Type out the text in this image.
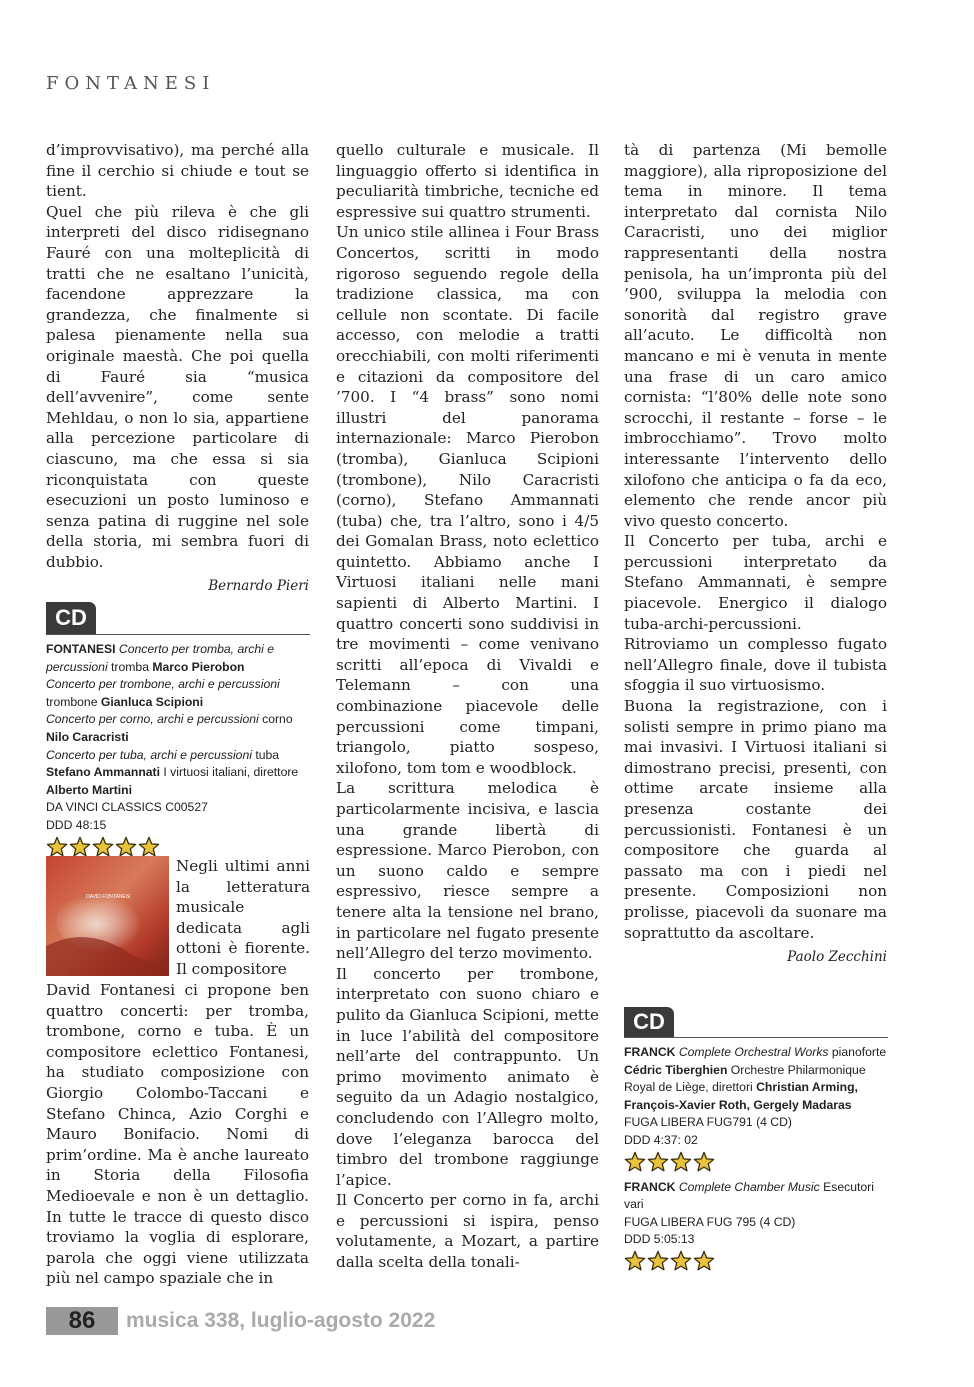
FONTANESI

d’improvvisativo), ma perché alla fine il cerchio si chiude e tout se tient.

Quel che più rileva è che gli interpreti del disco ridisegnano Fauré con una molteplicità di tratti che ne esaltano l’unicità, facendone apprezzare la grandezza, che finalmente si palesa pienamente nella sua originale maestà. Che poi quella di Fauré sia “musica dell’avvenire”, come sente Mehldau, o non lo sia, appartiene alla percezione particolare di ciascuno, ma che essa si sia riconquistata con queste esecuzioni un posto luminoso e senza patina di ruggine nel sole della storia, mi sembra fuori di dubbio.

Bernardo Pieri

CD
FONTANESI Concerto per tromba, archi e percussioni tromba Marco Pierobon
Concerto per trombone, archi e percussioni trombone Gianluca Scipioni
Concerto per corno, archi e percussioni corno Nilo Caracristi
Concerto per tuba, archi e percussioni tuba Stefano Ammannati I virtuosi italiani, direttore Alberto Martini
DA VINCI CLASSICS C00527
DDD 48:15
DAVID FONTANESI
Negli ultimi anni la letteratura musicale dedicata agli ottoni è fiorente. Il compositore
David Fontanesi ci propone ben quattro concerti: per tromba, trombone, corno e tuba. È un compositore eclettico Fontanesi, ha studiato composizione con Giorgio Colombo-Taccani e Stefano Chinca, Azio Corghi e Mauro Bonifacio. Nomi di prim’ordine. Ma è anche laureato in Storia della Filosofia Medioevale e non è un dettaglio. In tutte le tracce di questo disco troviamo la voglia di esplorare, parola che oggi viene utilizzata più nel campo spaziale che in

quello culturale e musicale. Il linguaggio offerto si identifica in peculiarità timbriche, tecniche ed espressive sui quattro strumenti.

Un unico stile allinea i Four Brass Concertos, scritti in modo rigoroso seguendo regole della tradizione classica, ma con cellule non scontate. Di facile accesso, con melodie a tratti orecchiabili, con molti riferimenti e citazioni da compositore del ’700. I “4 brass” sono nomi illustri del panorama internazionale: Marco Pierobon (tromba), Gianluca Scipioni (trombone), Nilo Caracristi (corno), Stefano Ammannati (tuba) che, tra l’altro, sono i 4/5 dei Gomalan Brass, noto eclettico quintetto. Abbiamo anche I Virtuosi italiani nelle mani sapienti di Alberto Martini. I quattro concerti sono suddivisi in tre movimenti – come venivano scritti all’epoca di Vivaldi e Telemann – con una combinazione piacevole delle percussioni come timpani, triangolo, piatto sospeso, xilofono, tom tom e woodblock.

La scrittura melodica è particolarmente incisiva, e lascia una grande libertà di espressione. Marco Pierobon, con un suono caldo e sempre espressivo, riesce sempre a tenere alta la tensione nel brano, in particolare nel fugato presente nell’Allegro del terzo movimento.

Il concerto per trombone, interpretato con suono chiaro e pulito da Gianluca Scipioni, mette in luce l’abilità del compositore nell’arte del contrappunto. Un primo movimento animato è seguito da un Adagio nostalgico, concludendo con l’Allegro molto, dove l’eleganza barocca del timbro del trombone raggiunge l’apice.

Il Concerto per corno in fa, archi e percussioni si ispira, penso volutamente, a Mozart, a partire dalla scelta della tonali-

tà di partenza (Mi bemolle maggiore), alla riproposizione del tema in minore. Il tema interpretato dal cornista Nilo Caracristi, uno dei miglior rappresentanti della nostra penisola, ha un’impronta più del ’900, sviluppa la melodia con sonorità dal registro grave all’acuto. Le difficoltà non mancano e mi è venuta in mente una frase di un caro amico cornista: “l’80% delle note sono scrocchi, il restante – forse – le imbrocchiamo”. Trovo molto interessante l’intervento dello xilofono che anticipa o fa da eco, elemento che rende ancor più vivo questo concerto.

Il Concerto per tuba, archi e percussioni interpretato da Stefano Ammannati, è sempre piacevole. Energico il dialogo tuba-archi-percussioni. Ritroviamo un complesso fugato nell’Allegro finale, dove il tubista sfoggia il suo virtuosismo.

Buona la registrazione, con i solisti sempre in primo piano ma mai invasivi. I Virtuosi italiani si dimostrano precisi, presenti, con ottime arcate insieme alla presenza costante dei percussionisti. Fontanesi è un compositore che guarda al passato ma con i piedi nel presente. Composizioni non prolisse, piacevoli da suonare ma soprattutto da ascoltare.

Paolo Zecchini

CD
FRANCK Complete Orchestral Works pianoforte Cédric Tiberghien Orchestre Philarmonique Royal de Liège, direttori Christian Arming, François-Xavier Roth, Gergely Madaras
FUGA LIBERA FUG791 (4 CD)
DDD 4:37: 02
FRANCK Complete Chamber Music Esecutori vari
FUGA LIBERA FUG 795 (4 CD)
DDD 5:05:13
86	musica 338, luglio-agosto 2022
